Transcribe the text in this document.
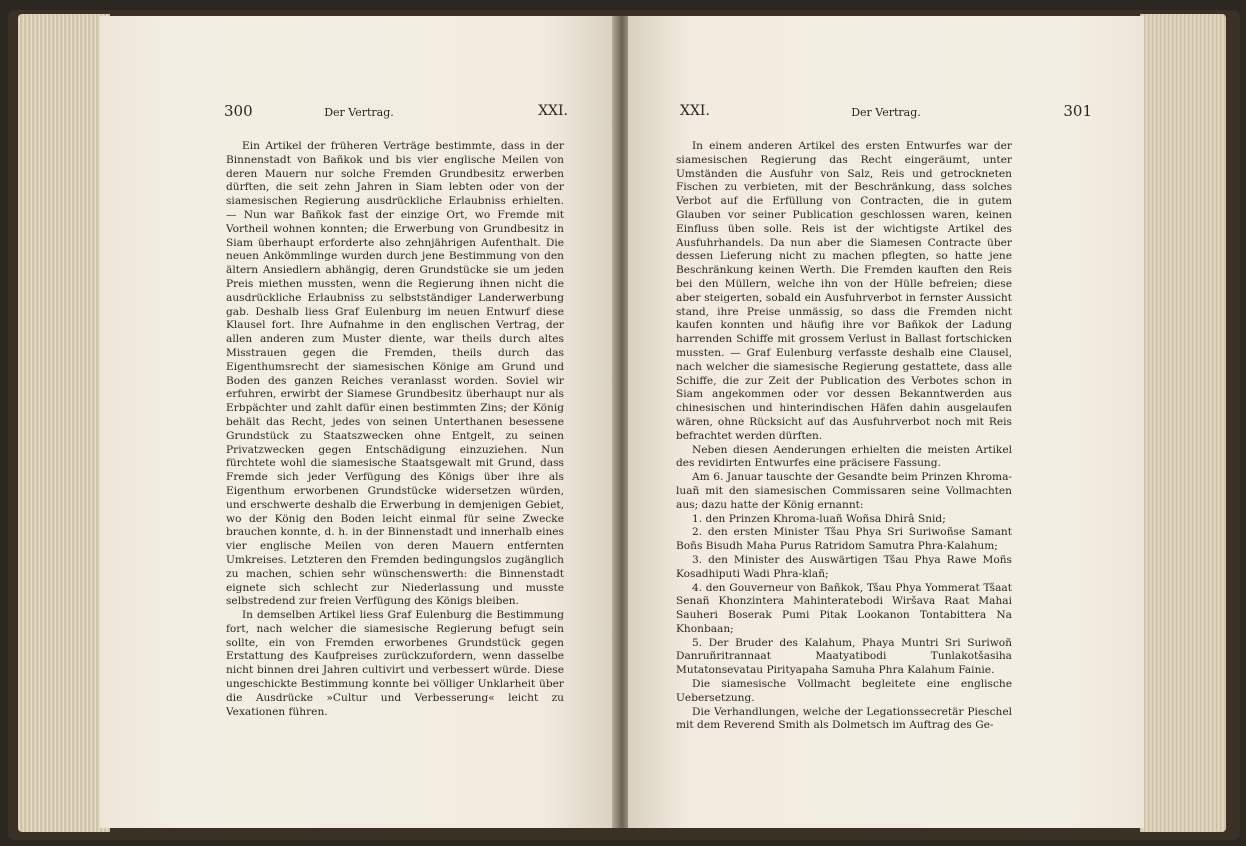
300	Der Vertrag.	XXI.

Ein Artikel der früheren Verträge bestimmte, dass in der Binnenstadt von Bañkok und bis vier englische Meilen von deren Mauern nur solche Fremden Grundbesitz erwerben dürften, die seit zehn Jahren in Siam lebten oder von der siamesischen Regierung ausdrückliche Erlaubniss erhielten. — Nun war Bañkok fast der einzige Ort, wo Fremde mit Vortheil wohnen konnten; die Erwerbung von Grundbesitz in Siam überhaupt erforderte also zehnjährigen Aufenthalt. Die neuen Ankömmlinge wurden durch jene Bestimmung von den ältern Ansiedlern abhängig, deren Grundstücke sie um jeden Preis miethen mussten, wenn die Regierung ihnen nicht die ausdrückliche Erlaubniss zu selbstständiger Landerwerbung gab. Deshalb liess Graf Eulenburg im neuen Entwurf diese Klausel fort. Ihre Aufnahme in den englischen Vertrag, der allen anderen zum Muster diente, war theils durch altes Misstrauen gegen die Fremden, theils durch das Eigenthumsrecht der siamesischen Könige am Grund und Boden des ganzen Reiches veranlasst worden. Soviel wir erfuhren, erwirbt der Siamese Grundbesitz überhaupt nur als Erbpächter und zahlt dafür einen bestimmten Zins; der König behält das Recht, jedes von seinen Unterthanen besessene Grundstück zu Staatszwecken ohne Entgelt, zu seinen Privatzwecken gegen Entschädigung einzuziehen. Nun fürchtete wohl die siamesische Staatsgewalt mit Grund, dass Fremde sich jeder Verfügung des Königs über ihre als Eigenthum erworbenen Grundstücke widersetzen würden, und erschwerte deshalb die Erwerbung in demjenigen Gebiet, wo der König den Boden leicht einmal für seine Zwecke brauchen konnte, d. h. in der Binnenstadt und innerhalb eines vier englische Meilen von deren Mauern entfernten Umkreises. Letzteren den Fremden bedingungslos zugänglich zu machen, schien sehr wünschenswerth: die Binnenstadt eignete sich schlecht zur Niederlassung und musste selbstredend zur freien Verfügung des Königs bleiben.

In demselben Artikel liess Graf Eulenburg die Bestimmung fort, nach welcher die siamesische Regierung befugt sein sollte, ein von Fremden erworbenes Grundstück gegen Erstattung des Kaufpreises zurückzufordern, wenn dasselbe nicht binnen drei Jahren cultivirt und verbessert würde. Diese ungeschickte Bestimmung konnte bei völliger Unklarheit über die Ausdrücke »Cultur und Verbesserung« leicht zu Vexationen führen.

XXI.	Der Vertrag.	301

In einem anderen Artikel des ersten Entwurfes war der siamesischen Regierung das Recht eingeräumt, unter Umständen die Ausfuhr von Salz, Reis und getrockneten Fischen zu verbieten, mit der Beschränkung, dass solches Verbot auf die Erfüllung von Contracten, die in gutem Glauben vor seiner Publication geschlossen waren, keinen Einfluss üben solle. Reis ist der wichtigste Artikel des Ausfuhrhandels. Da nun aber die Siamesen Contracte über dessen Lieferung nicht zu machen pflegten, so hatte jene Beschränkung keinen Werth. Die Fremden kauften den Reis bei den Müllern, welche ihn von der Hülle befreien; diese aber steigerten, sobald ein Ausfuhrverbot in fernster Aussicht stand, ihre Preise unmässig, so dass die Fremden nicht kaufen konnten und häufig ihre vor Bañkok der Ladung harrenden Schiffe mit grossem Verlust in Ballast fortschicken mussten. — Graf Eulenburg verfasste deshalb eine Clausel, nach welcher die siamesische Regierung gestattete, dass alle Schiffe, die zur Zeit der Publication des Verbotes schon in Siam angekommen oder vor dessen Bekanntwerden aus chinesischen und hinterindischen Häfen dahin ausgelaufen wären, ohne Rücksicht auf das Ausfuhrverbot noch mit Reis befrachtet werden dürften.

Neben diesen Aenderungen erhielten die meisten Artikel des revidirten Entwurfes eine präcisere Fassung.

Am 6. Januar tauschte der Gesandte beim Prinzen Khroma-luañ mit den siamesischen Commissaren seine Vollmachten aus; dazu hatte der König ernannt:

1. den Prinzen Khroma-luañ Woñsa Dhirâ Snid;

2. den ersten Minister Tšau Phya Sri Suriwoñse Samant Boñs Bisudh Maha Purus Ratridom Samutra Phra-Kalahum;

3. den Minister des Auswärtigen Tšau Phya Rawe Moñs Kosadhiputi Wadi Phra-klañ;

4. den Gouverneur von Bañkok, Tšau Phya Yommerat Tšaat Senañ Khonzintera Mahinteratebodi Wiršava Raat Mahai Sauheri Boserak Pumi Pitak Lookanon Tontabittera Na Khonbaan;

5. Der Bruder des Kalahum, Phaya Muntri Sri Suriwoñ Danruñritrannaat Maatyatibodi Tunlakotšasiha Mutatonsevatau Pirityapaha Samuha Phra Kalahum Fainie.

Die siamesische Vollmacht begleitete eine englische Uebersetzung.

Die Verhandlungen, welche der Legationssecretär Pieschel mit dem Reverend Smith als Dolmetsch im Auftrag des Ge-
